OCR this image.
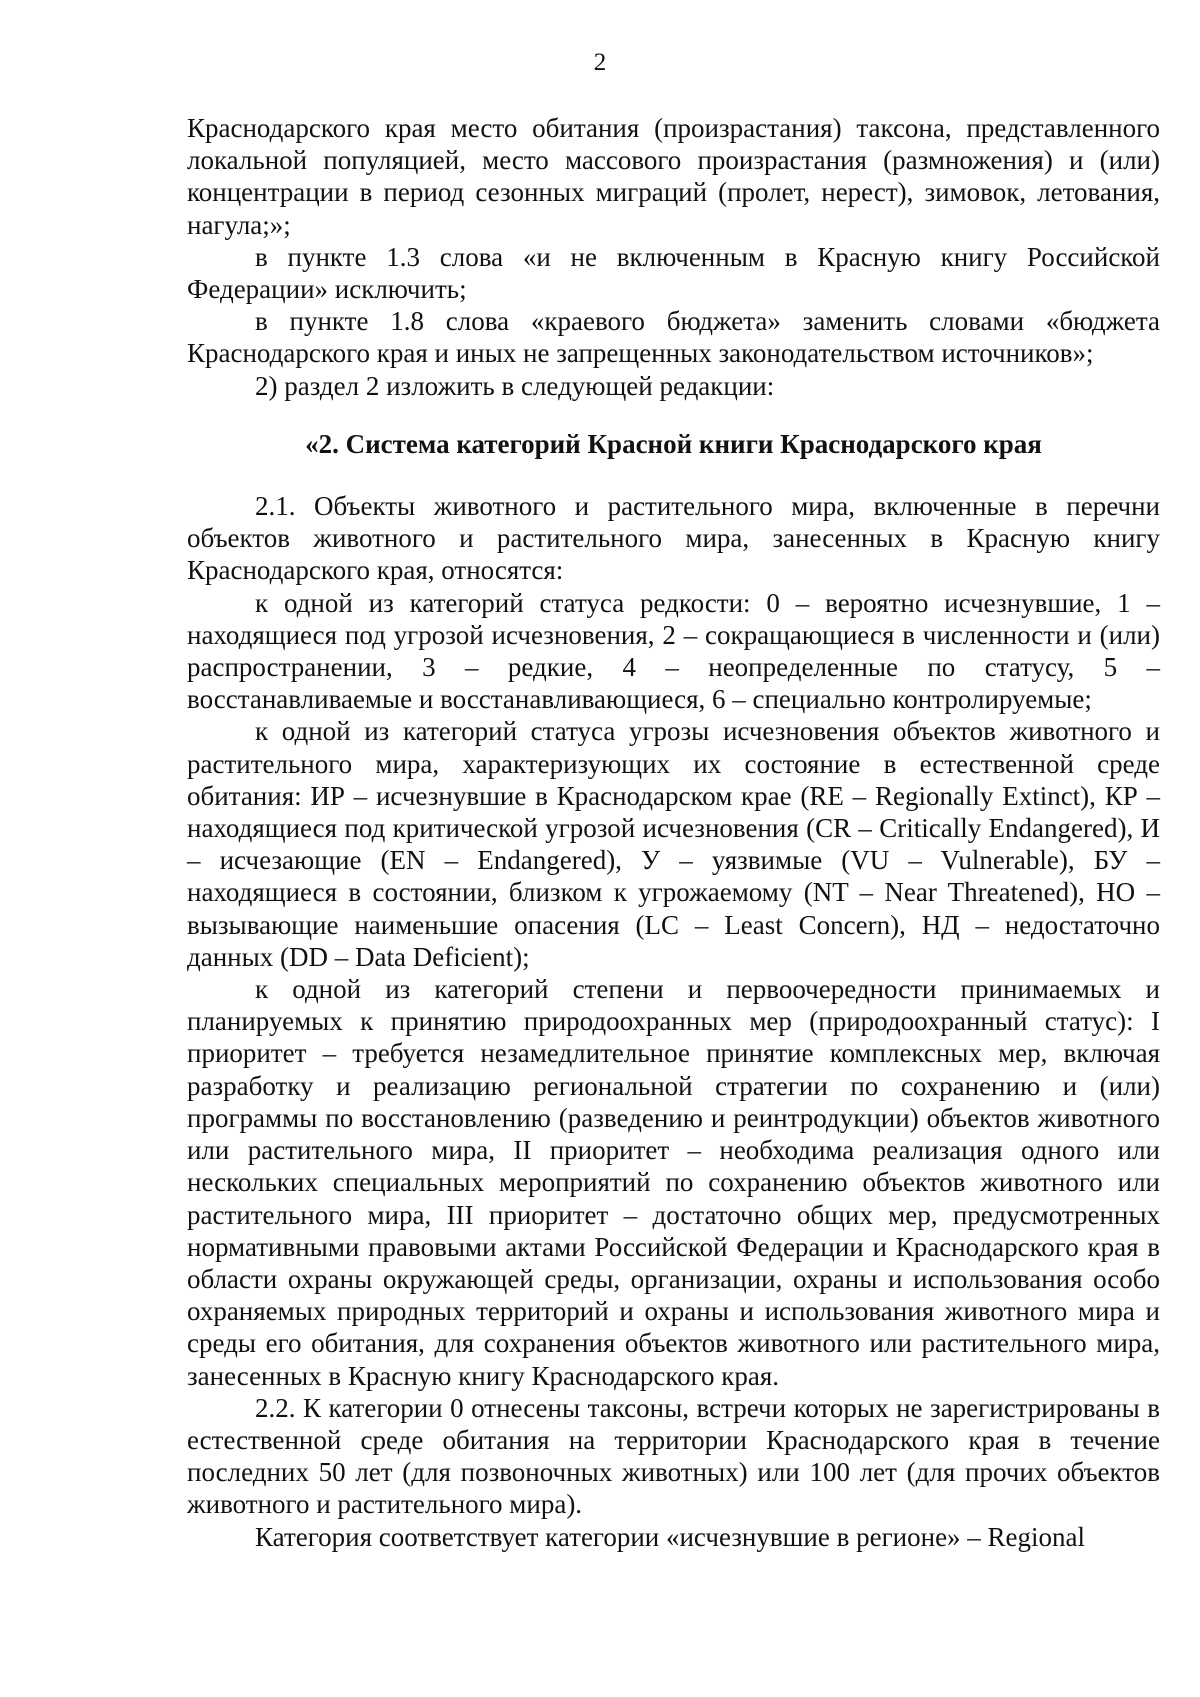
2

Краснодарского края место обитания (произрастания) таксона, представленного локальной популяцией, место массового произрастания (размножения) и (или) концентрации в период сезонных миграций (пролет, нерест), зимовок, летования, нагула;»;

в пункте 1.3 слова «и не включенным в Красную книгу Российской Федерации» исключить;

в пункте 1.8 слова «краевого бюджета» заменить словами «бюджета Краснодарского края и иных не запрещенных законодательством источников»;

2) раздел 2 изложить в следующей редакции:

«2. Система категорий Красной книги Краснодарского края

2.1. Объекты животного и растительного мира, включенные в перечни объектов животного и растительного мира, занесенных в Красную книгу Краснодарского края, относятся:

к одной из категорий статуса редкости: 0 – вероятно исчезнувшие, 1 – находящиеся под угрозой исчезновения, 2 – сокращающиеся в численности и (или) распространении, 3 – редкие, 4 – неопределенные по статусу, 5 – восстанавливаемые и восстанавливающиеся, 6 – специально контролируемые;

к одной из категорий статуса угрозы исчезновения объектов животного и растительного мира, характеризующих их состояние в естественной среде обитания: ИР – исчезнувшие в Краснодарском крае (RE – Regionally Extinct), КР – находящиеся под критической угрозой исчезновения (CR – Critically Endangered), И – исчезающие (EN – Endangered), У – уязвимые (VU – Vulnerable), БУ – находящиеся в состоянии, близком к угрожаемому (NT – Near Threatened), НО – вызывающие наименьшие опасения (LC – Least Concern), НД – недостаточно данных (DD – Data Deficient);

к одной из категорий степени и первоочередности принимаемых и планируемых к принятию природоохранных мер (природоохранный статус): I приоритет – требуется незамедлительное принятие комплексных мер, включая разработку и реализацию региональной стратегии по сохранению и (или) программы по восстановлению (разведению и реинтродукции) объектов животного или растительного мира, II приоритет – необходима реализация одного или нескольких специальных мероприятий по сохранению объектов животного или растительного мира, III приоритет – достаточно общих мер, предусмотренных нормативными правовыми актами Российской Федерации и Краснодарского края в области охраны окружающей среды, организации, охраны и использования особо охраняемых природных территорий и охраны и использования животного мира и среды его обитания, для сохранения объектов животного или растительного мира, занесенных в Красную книгу Краснодарского края.

2.2. К категории 0 отнесены таксоны, встречи которых не зарегистрированы в естественной среде обитания на территории Краснодарского края в течение последних 50 лет (для позвоночных животных) или 100 лет (для прочих объектов животного и растительного мира).

Категория соответствует категории «исчезнувшие в регионе» – Regional
